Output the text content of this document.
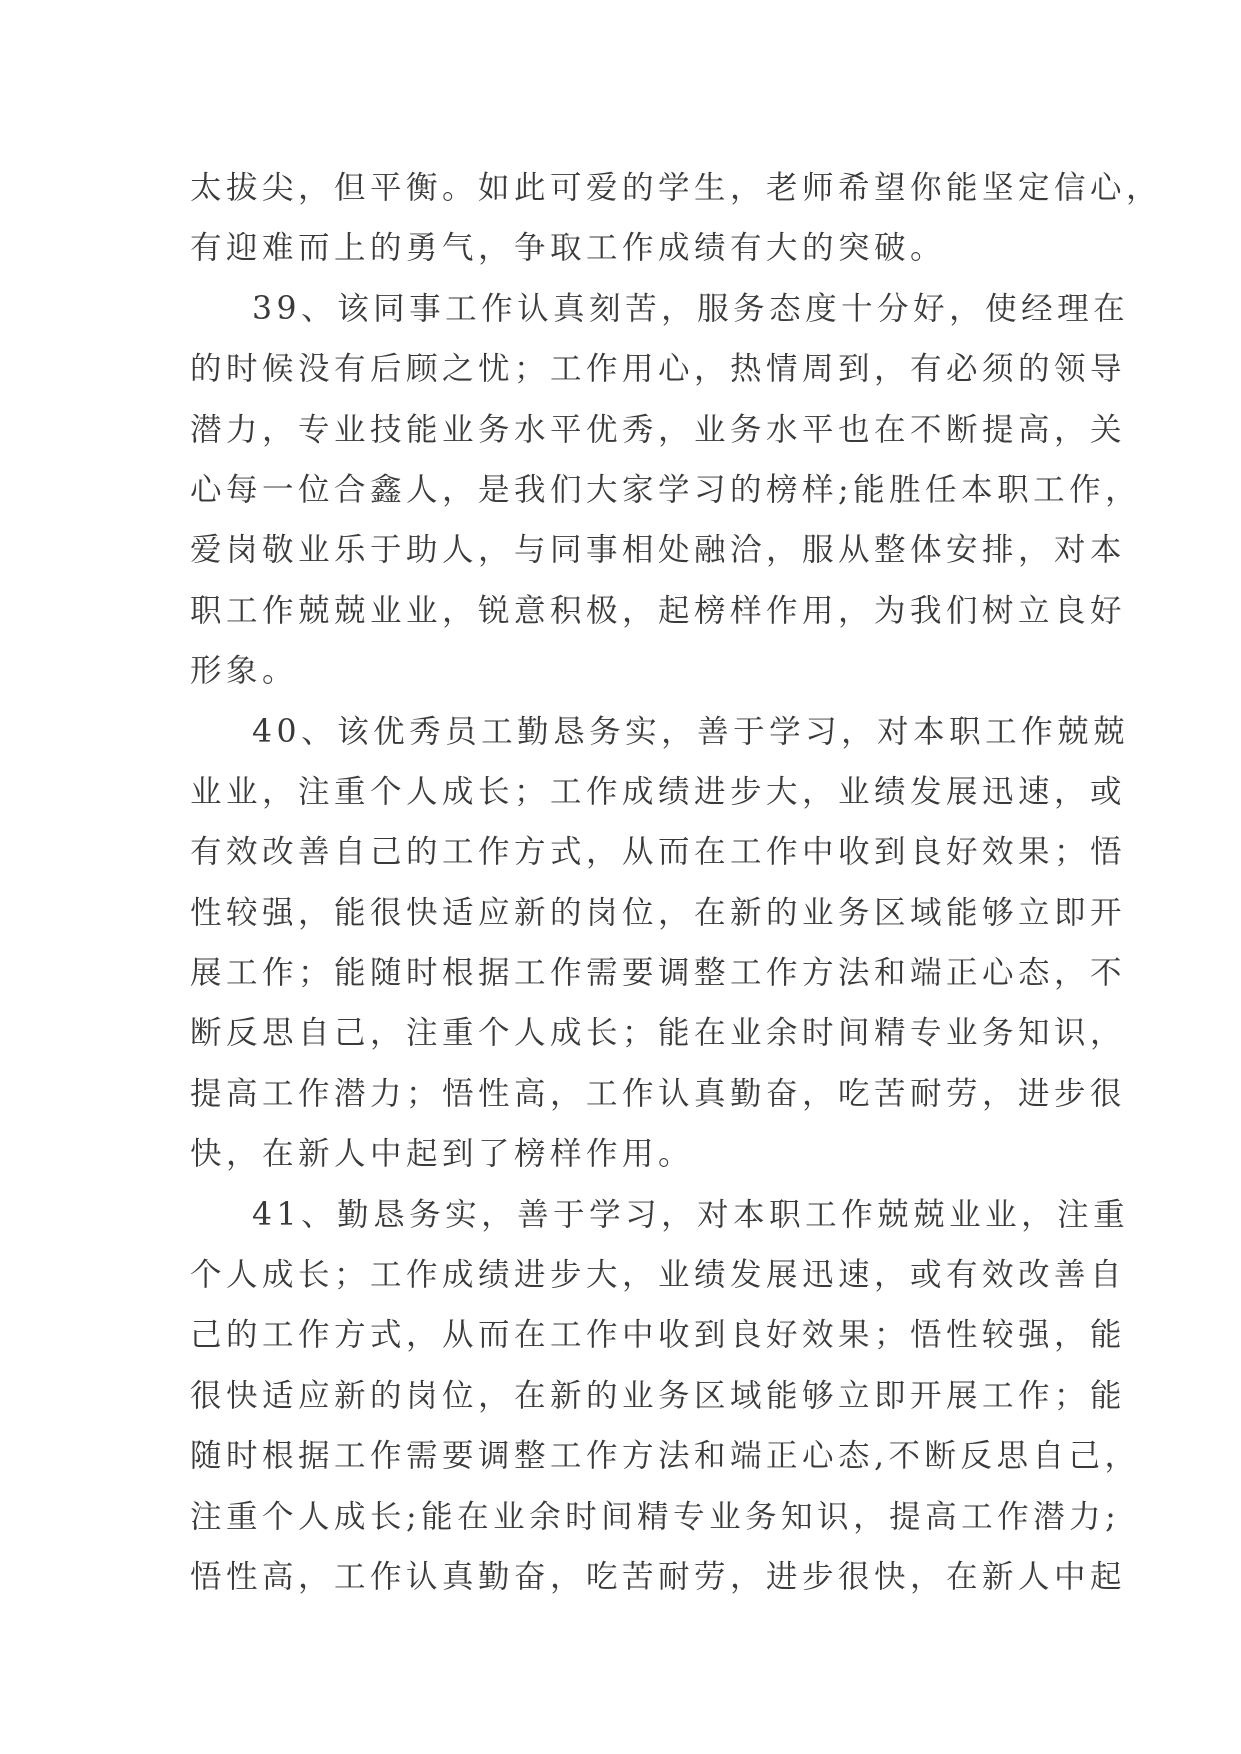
太拔尖，但平衡。如此可爱的学生，老师希望你能坚定信心，
有迎难而上的勇气，争取工作成绩有大的突破。
39、该同事工作认真刻苦，服务态度十分好，使经理在
的时候没有后顾之忧；工作用心，热情周到，有必须的领导
潜力，专业技能业务水平优秀，业务水平也在不断提高，关
心每一位合鑫人，是我们大家学习的榜样;能胜任本职工作，
爱岗敬业乐于助人，与同事相处融洽，服从整体安排，对本
职工作兢兢业业，锐意积极，起榜样作用，为我们树立良好
形象。
40、该优秀员工勤恳务实，善于学习，对本职工作兢兢
业业，注重个人成长；工作成绩进步大，业绩发展迅速，或
有效改善自己的工作方式，从而在工作中收到良好效果；悟
性较强，能很快适应新的岗位，在新的业务区域能够立即开
展工作；能随时根据工作需要调整工作方法和端正心态，不
断反思自己，注重个人成长；能在业余时间精专业务知识，
提高工作潜力；悟性高，工作认真勤奋，吃苦耐劳，进步很
快，在新人中起到了榜样作用。
41、勤恳务实，善于学习，对本职工作兢兢业业，注重
个人成长；工作成绩进步大，业绩发展迅速，或有效改善自
己的工作方式，从而在工作中收到良好效果；悟性较强，能
很快适应新的岗位，在新的业务区域能够立即开展工作；能
随时根据工作需要调整工作方法和端正心态,不断反思自己，
注重个人成长;能在业余时间精专业务知识，提高工作潜力;
悟性高，工作认真勤奋，吃苦耐劳，进步很快，在新人中起
